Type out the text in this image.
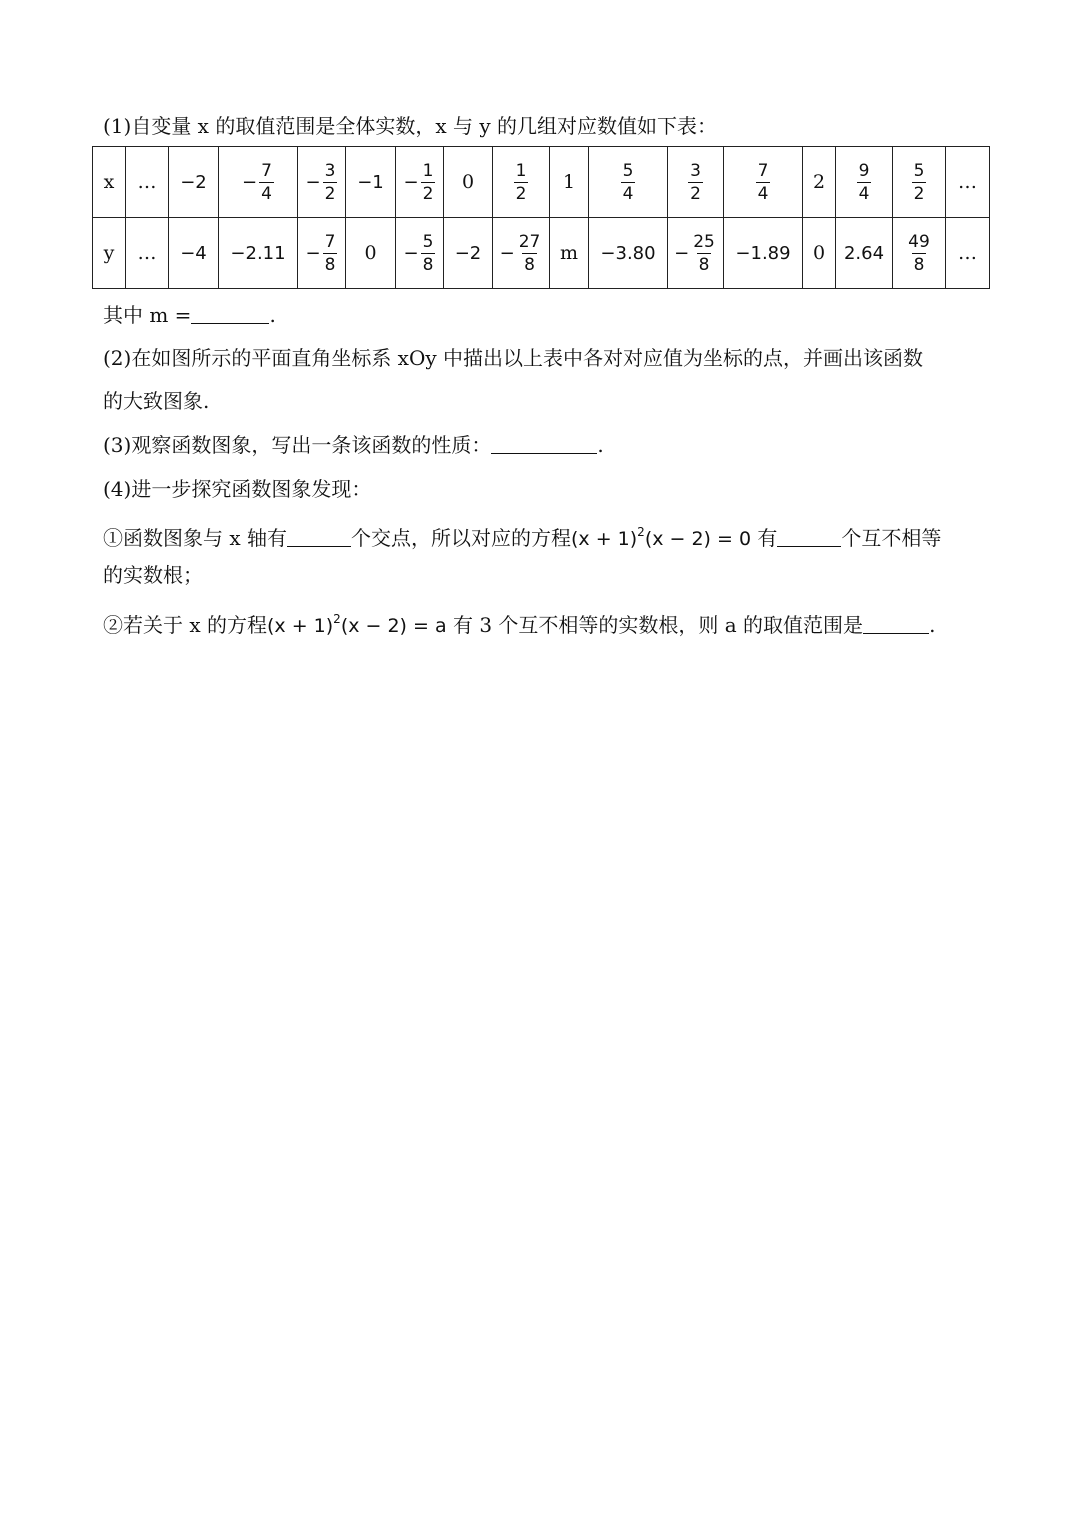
(1)自变量 x 的取值范围是全体实数，x 与 y 的几组对应数值如下表：
x	…	−2	− $\frac{7}{4}$	− $\frac{3}{2}$	−1	− $\frac{1}{2}$	0	$\frac{1}{2}$	1	$\frac{5}{4}$	$\frac{3}{2}$	$\frac{7}{4}$	2	$\frac{9}{4}$	$\frac{5}{2}$	…
y	…	−4	−2.11	− $\frac{7}{8}$	0	− $\frac{5}{8}$	−2	− $\frac{27}{8}$	m	−3.80	− $\frac{25}{8}$	−1.89	0	2.64	$\frac{49}{8}$	…
其中 m =	.
(2)在如图所示的平面直角坐标系 xOy 中描出以上表中各对对应值为坐标的点，并画出该函数
的大致图象.
(3)观察函数图象，写出一条该函数的性质：	.
(4)进一步探究函数图象发现：
①函数图象与 x 轴有	个交点，所以对应的方程$(x + 1)^2(x - 2) = 0$ 有	个互不相等
的实数根；
②若关于 x 的方程$(x + 1)^2(x - 2) = a$ 有 3 个互不相等的实数根，则 a 的取值范围是	.
